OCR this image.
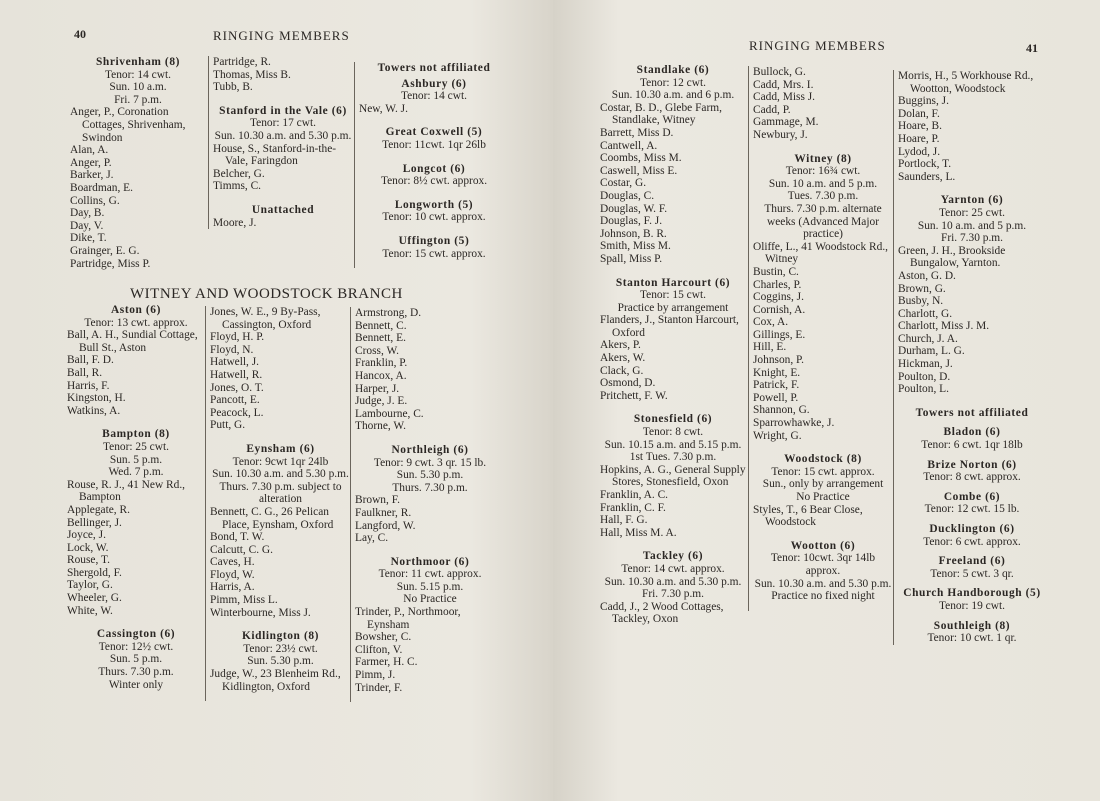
40	RINGING MEMBERS
Shrivenham (8)
Tenor: 14 cwt.
Sun. 10 a.m.
Fri. 7 p.m.
Anger, P., Coronation Cottages, Shrivenham, Swindon
Alan, A.
Anger, P.
Barker, J.
Boardman, E.
Collins, G.
Day, B.
Day, V.
Dike, T.
Grainger, E. G.
Partridge, Miss P.
Partridge, R.
Thomas, Miss B.
Tubb, B.
Stanford in the Vale (6)
Tenor: 17 cwt.
Sun. 10.30 a.m. and 5.30 p.m.
House, S., Stanford-in-the-Vale, Faringdon
Belcher, G.
Timms, C.
Unattached
Moore, J.
Towers not affiliated
Ashbury (6)
Tenor: 14 cwt.
New, W. J.
Great Coxwell (5)
Tenor: 11cwt. 1qr 26lb
Longcot (6)
Tenor: 8½ cwt. approx.
Longworth (5)
Tenor: 10 cwt. approx.
Uffington (5)
Tenor: 15 cwt. approx.
WITNEY AND WOODSTOCK BRANCH
Aston (6)
Tenor: 13 cwt. approx.
Ball, A. H., Sundial Cottage, Bull St., Aston
Ball, F. D.
Ball, R.
Harris, F.
Kingston, H.
Watkins, A.
Bampton (8)
Tenor: 25 cwt.
Sun. 5 p.m.
Wed. 7 p.m.
Rouse, R. J., 41 New Rd., Bampton
Applegate, R.
Bellinger, J.
Joyce, J.
Lock, W.
Rouse, T.
Shergold, F.
Taylor, G.
Wheeler, G.
White, W.
Cassington (6)
Tenor: 12½ cwt.
Sun. 5 p.m.
Thurs. 7.30 p.m.
Winter only
Jones, W. E., 9 By-Pass, Cassington, Oxford
Floyd, H. P.
Floyd, N.
Hatwell, J.
Hatwell, R.
Jones, O. T.
Pancott, E.
Peacock, L.
Putt, G.
Eynsham (6)
Tenor: 9cwt 1qr 24lb
Sun. 10.30 a.m. and 5.30 p.m.
Thurs. 7.30 p.m. subject to alteration
Bennett, C. G., 26 Pelican Place, Eynsham, Oxford
Bond, T. W.
Calcutt, C. G.
Caves, H.
Floyd, W.
Harris, A.
Pimm, Miss L.
Winterbourne, Miss J.
Kidlington (8)
Tenor: 23½ cwt.
Sun. 5.30 p.m.
Judge, W., 23 Blenheim Rd., Kidlington, Oxford
Armstrong, D.
Bennett, C.
Bennett, E.
Cross, W.
Franklin, P.
Hancox, A.
Harper, J.
Judge, J. E.
Lambourne, C.
Thorne, W.
Northleigh (6)
Tenor: 9 cwt. 3 qr. 15 lb.
Sun. 5.30 p.m.
Thurs. 7.30 p.m.
Brown, F.
Faulkner, R.
Langford, W.
Lay, C.
Northmoor (6)
Tenor: 11 cwt. approx.
Sun. 5.15 p.m.
No Practice
Trinder, P., Northmoor, Eynsham
Bowsher, C.
Clifton, V.
Farmer, H. C.
Pimm, J.
Trinder, F.
RINGING MEMBERS	41
Standlake (6)
Tenor: 12 cwt.
Sun. 10.30 a.m. and 6 p.m.
Costar, B. D., Glebe Farm, Standlake, Witney
Barrett, Miss D.
Cantwell, A.
Coombs, Miss M.
Caswell, Miss E.
Costar, G.
Douglas, C.
Douglas, W. F.
Douglas, F. J.
Johnson, B. R.
Smith, Miss M.
Spall, Miss P.
Stanton Harcourt (6)
Tenor: 15 cwt.
Practice by arrangement
Flanders, J., Stanton Harcourt, Oxford
Akers, P.
Akers, W.
Clack, G.
Osmond, D.
Pritchett, F. W.
Stonesfield (6)
Tenor: 8 cwt.
Sun. 10.15 a.m. and 5.15 p.m.
1st Tues. 7.30 p.m.
Hopkins, A. G., General Supply Stores, Stonesfield, Oxon
Franklin, A. C.
Franklin, C. F.
Hall, F. G.
Hall, Miss M. A.
Tackley (6)
Tenor: 14 cwt. approx.
Sun. 10.30 a.m. and 5.30 p.m.
Fri. 7.30 p.m.
Cadd, J., 2 Wood Cottages, Tackley, Oxon
Bullock, G.
Cadd, Mrs. I.
Cadd, Miss J.
Cadd, P.
Gammage, M.
Newbury, J.
Witney (8)
Tenor: 16¾ cwt.
Sun. 10 a.m. and 5 p.m.
Tues. 7.30 p.m.
Thurs. 7.30 p.m. alternate weeks (Advanced Major practice)
Oliffe, L., 41 Woodstock Rd., Witney
Bustin, C.
Charles, P.
Coggins, J.
Cornish, A.
Cox, A.
Gillings, E.
Hill, E.
Johnson, P.
Knight, E.
Patrick, F.
Powell, P.
Shannon, G.
Sparrowhawke, J.
Wright, G.
Woodstock (8)
Tenor: 15 cwt. approx.
Sun., only by arrangement
No Practice
Styles, T., 6 Bear Close, Woodstock
Wootton (6)
Tenor: 10cwt. 3qr 14lb approx.
Sun. 10.30 a.m. and 5.30 p.m. Practice no fixed night
Morris, H., 5 Workhouse Rd., Wootton, Woodstock
Buggins, J.
Dolan, F.
Hoare, B.
Hoare, P.
Lydod, J.
Portlock, T.
Saunders, L.
Yarnton (6)
Tenor: 25 cwt.
Sun. 10 a.m. and 5 p.m.
Fri. 7.30 p.m.
Green, J. H., Brookside Bungalow, Yarnton.
Aston, G. D.
Brown, G.
Busby, N.
Charlott, G.
Charlott, Miss J. M.
Church, J. A.
Durham, L. G.
Hickman, J.
Poulton, D.
Poulton, L.
Towers not affiliated
Bladon (6)
Tenor: 6 cwt. 1qr 18lb
Brize Norton (6)
Tenor: 8 cwt. approx.
Combe (6)
Tenor: 12 cwt. 15 lb.
Ducklington (6)
Tenor: 6 cwt. approx.
Freeland (6)
Tenor: 5 cwt. 3 qr.
Church Handborough (5)
Tenor: 19 cwt.
Southleigh (8)
Tenor: 10 cwt. 1 qr.
